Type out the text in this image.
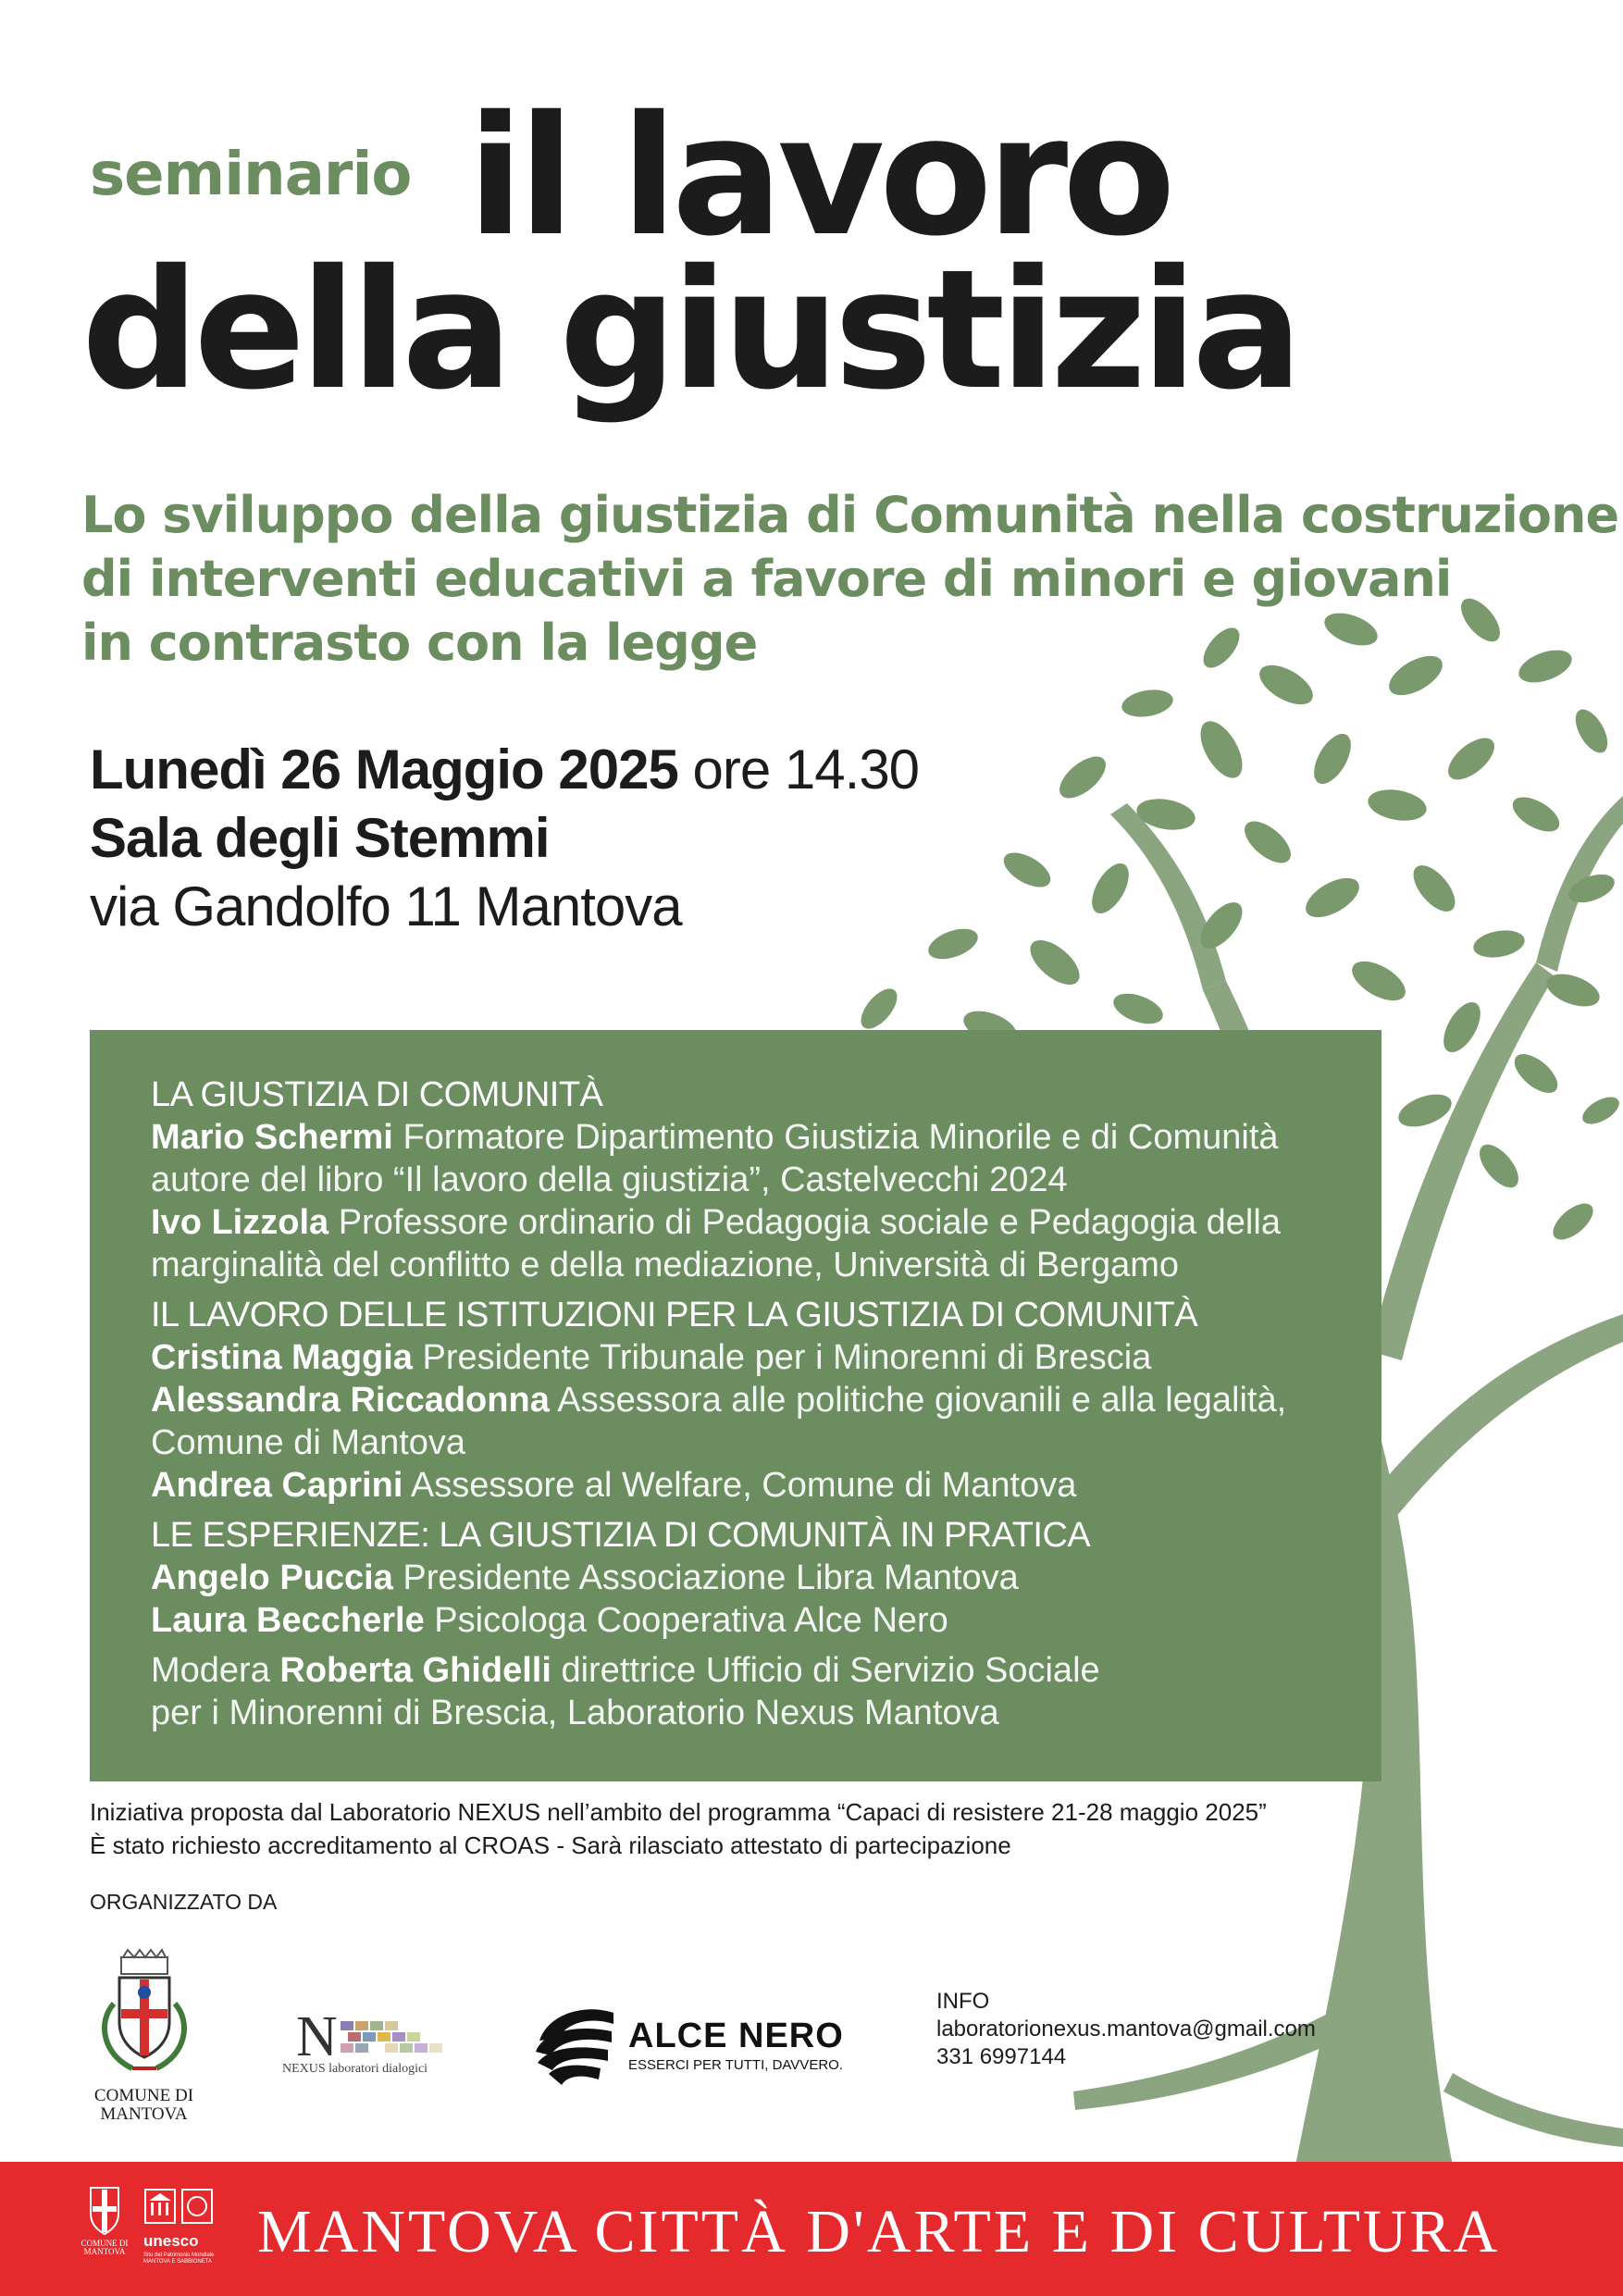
seminario il lavoro
della giustizia
Lo sviluppo della giustizia di Comunità nella costruzione
di interventi educativi a favore di minori e giovani
in contrasto con la legge
Lunedì 26 Maggio 2025 ore 14.30
Sala degli Stemmi
via Gandolfo 11 Mantova
LA GIUSTIZIA DI COMUNITÀ
Mario Schermi Formatore Dipartimento Giustizia Minorile e di Comunità
autore del libro “Il lavoro della giustizia”, Castelvecchi 2024
Ivo Lizzola Professore ordinario di Pedagogia sociale e Pedagogia della
marginalità del conflitto e della mediazione, Università di Bergamo
IL LAVORO DELLE ISTITUZIONI PER LA GIUSTIZIA DI COMUNITÀ
Cristina Maggia Presidente Tribunale per i Minorenni di Brescia
Alessandra Riccadonna Assessora alle politiche giovanili e alla legalità,
Comune di Mantova
Andrea Caprini Assessore al Welfare, Comune di Mantova
LE ESPERIENZE: LA GIUSTIZIA DI COMUNITÀ IN PRATICA
Angelo Puccia Presidente Associazione Libra Mantova
Laura Beccherle Psicologa Cooperativa Alce Nero
Modera Roberta Ghidelli direttrice Ufficio di Servizio Sociale
per i Minorenni di Brescia, Laboratorio Nexus Mantova
Iniziativa proposta dal Laboratorio NEXUS nell’ambito del programma “Capaci di resistere 21-28 maggio 2025”
È stato richiesto accreditamento al CROAS - Sarà rilasciato attestato di partecipazione
ORGANIZZATO DA
COMUNE DI
MANTOVA
N
NEXUS laboratori dialogici
ALCE NERO
ESSERCI PER TUTTI, DAVVERO.
INFO
laboratorionexus.mantova@gmail.com
331 6997144
COMUNE DI MANTOVA
unesco
Sito del Patrimonio Mondiale MANTOVA E SABBIONETA MANTOVA CITTÀ D'ARTE E DI CULTURA
